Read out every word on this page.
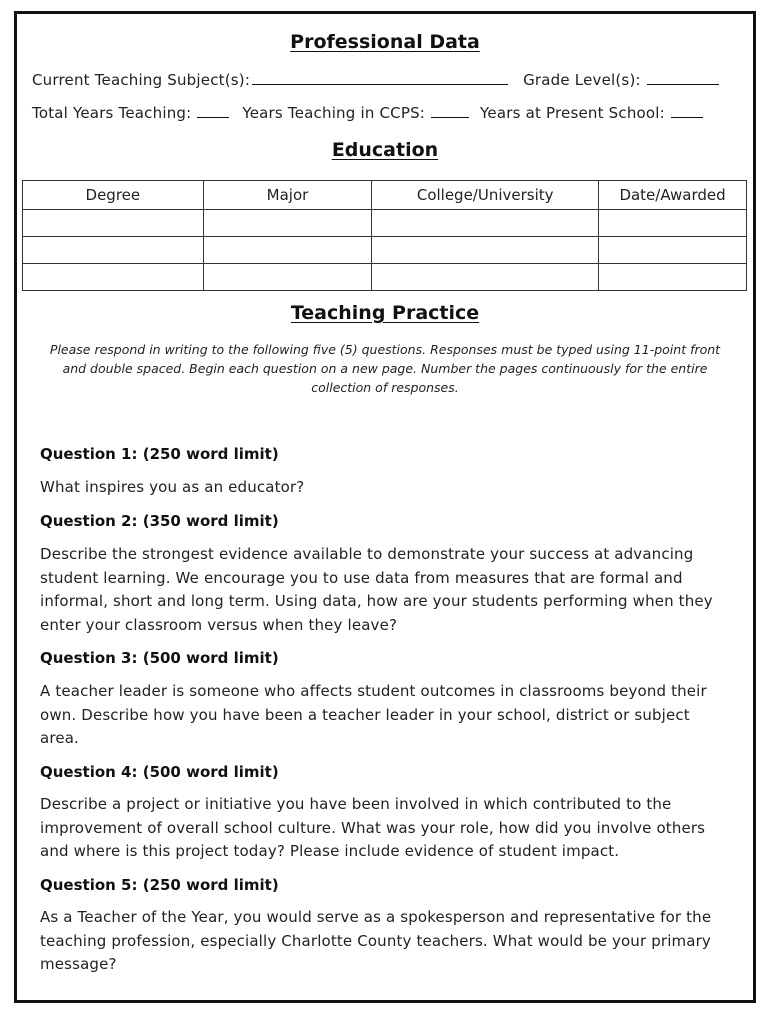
Professional Data
Current Teaching Subject(s):	Grade Level(s):
Total Years Teaching:	Years Teaching in CCPS:	Years at Present School:
Education
Degree	Major	College/University	Date/Awarded

Teaching Practice
Please respond in writing to the following five (5) questions. Responses must be typed using 11-point front and double spaced. Begin each question on a new page. Number the pages continuously for the entire collection of responses.
Question 1: (250 word limit)
What inspires you as an educator?
Question 2: (350 word limit)
Describe the strongest evidence available to demonstrate your success at advancing student learning. We encourage you to use data from measures that are formal and informal, short and long term. Using data, how are your students performing when they enter your classroom versus when they leave?
Question 3: (500 word limit)
A teacher leader is someone who affects student outcomes in classrooms beyond their own. Describe how you have been a teacher leader in your school, district or subject area.
Question 4: (500 word limit)
Describe a project or initiative you have been involved in which contributed to the improvement of overall school culture. What was your role, how did you involve others and where is this project today? Please include evidence of student impact.
Question 5: (250 word limit)
As a Teacher of the Year, you would serve as a spokesperson and representative for the teaching profession, especially Charlotte County teachers. What would be your primary message?
